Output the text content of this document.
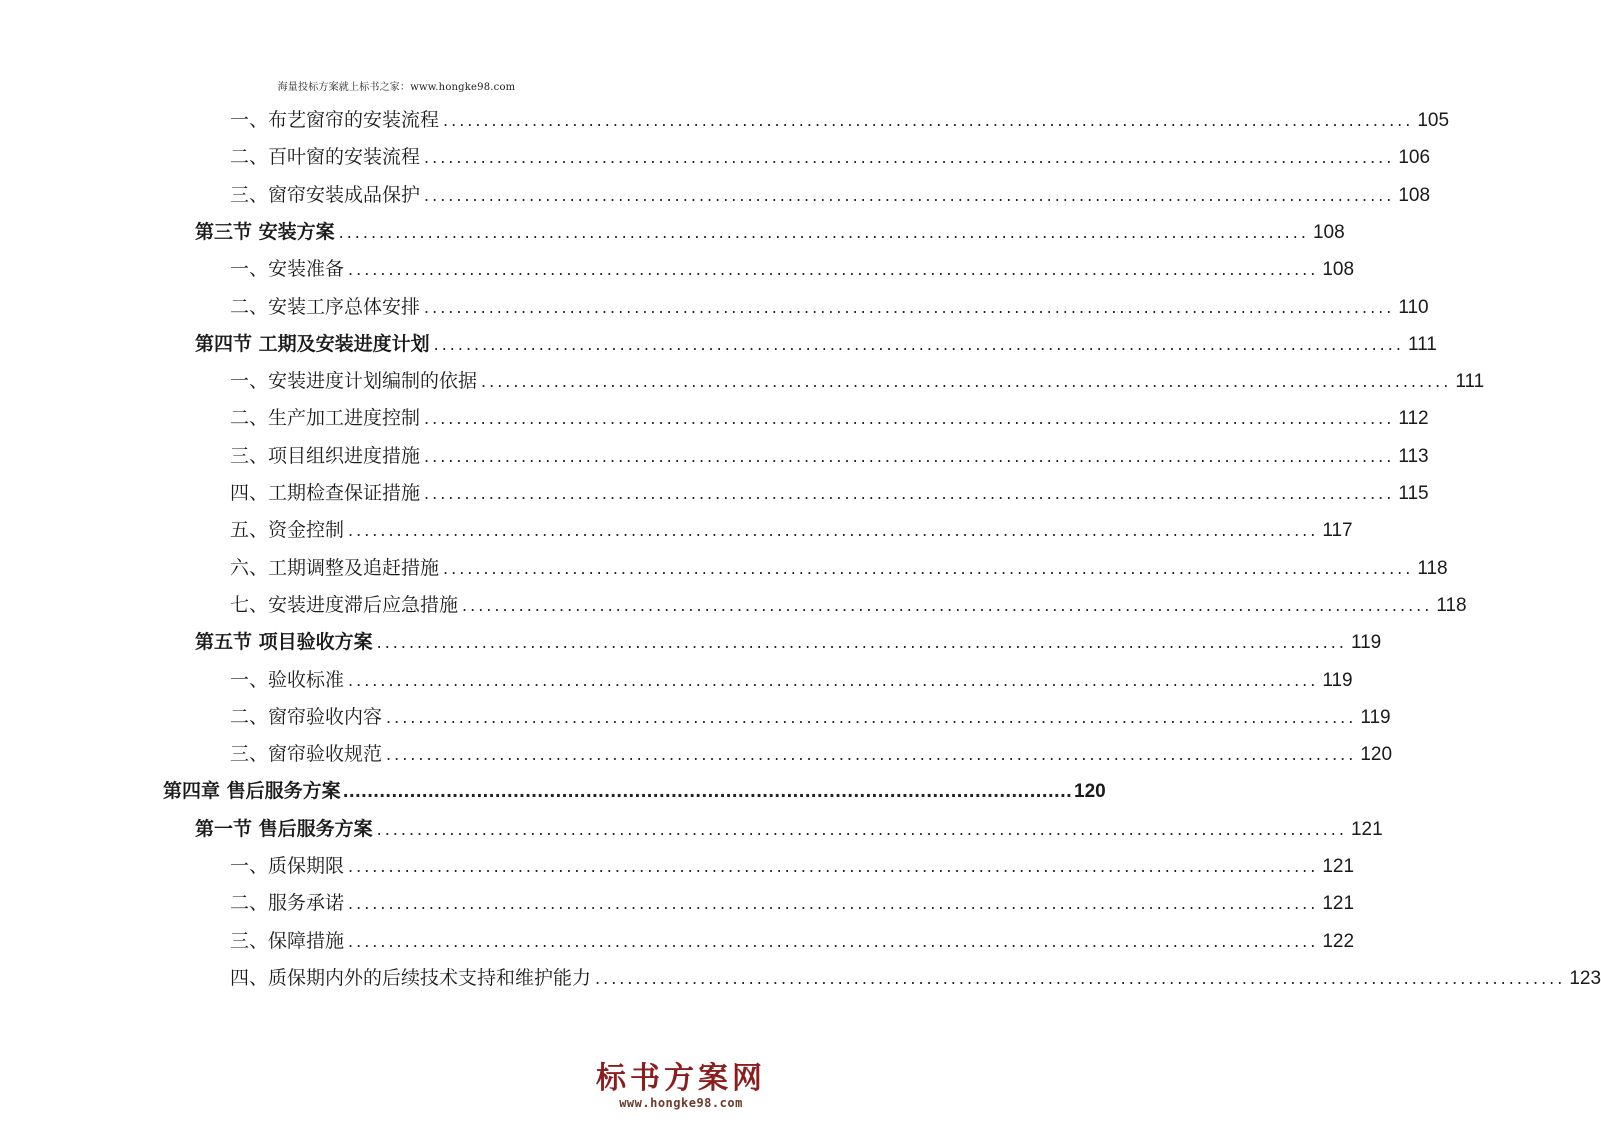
海量投标方案就上标书之家：www.hongke98.com
一、布艺窗帘的安装流程 ........................................................................................................................ 105
二、百叶窗的安装流程 ........................................................................................................................ 106
三、窗帘安装成品保护 ........................................................................................................................ 108
第三节 安装方案 ........................................................................................................................ 108
一、安装准备 ........................................................................................................................ 108
二、安装工序总体安排 ........................................................................................................................ 110
第四节 工期及安装进度计划 ........................................................................................................................ 111
一、安装进度计划编制的依据 ........................................................................................................................ 111
二、生产加工进度控制 ........................................................................................................................ 112
三、项目组织进度措施 ........................................................................................................................ 113
四、工期检查保证措施 ........................................................................................................................ 115
五、资金控制 ........................................................................................................................ 117
六、工期调整及追赶措施 ........................................................................................................................ 118
七、安装进度滞后应急措施 ........................................................................................................................ 118
第五节 项目验收方案 ........................................................................................................................ 119
一、验收标准 ........................................................................................................................ 119
二、窗帘验收内容 ........................................................................................................................ 119
三、窗帘验收规范 ........................................................................................................................ 120
第四章 售后服务方案 ........................................................................................................................ 120
第一节 售后服务方案 ........................................................................................................................ 121
一、质保期限 ........................................................................................................................ 121
二、服务承诺 ........................................................................................................................ 121
三、保障措施 ........................................................................................................................ 122
四、质保期内外的后续技术支持和维护能力 ........................................................................................................................ 123
标书方案网
www.hongke98.com
